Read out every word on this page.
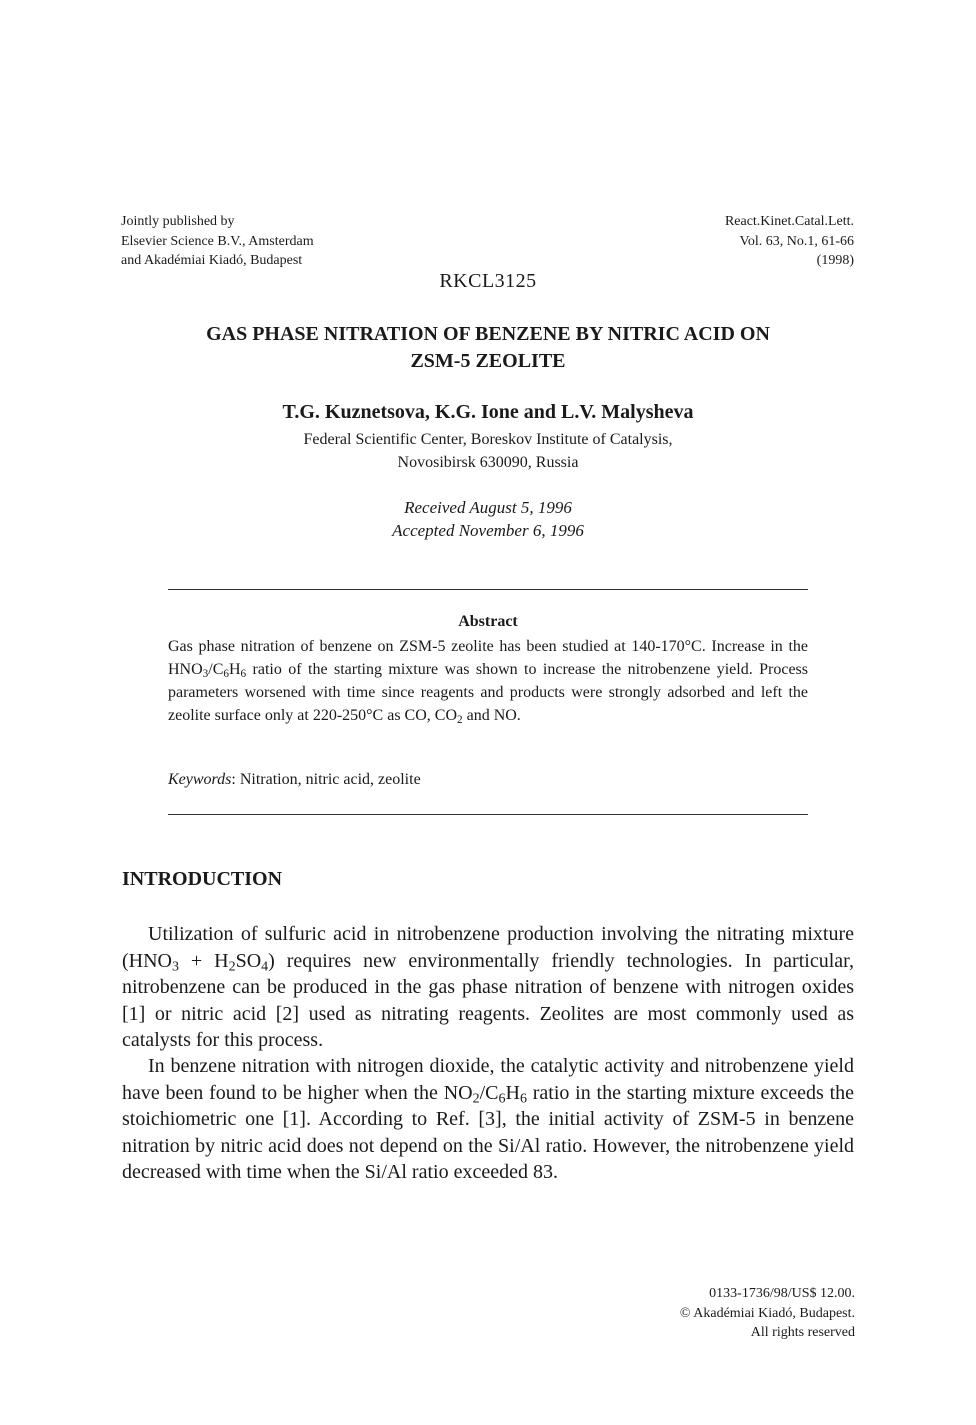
Jointly published by
Elsevier Science B.V., Amsterdam
and Akadémiai Kiadó, Budapest
React.Kinet.Catal.Lett.
Vol. 63, No.1, 61-66
(1998)
RKCL3125
GAS PHASE NITRATION OF BENZENE BY NITRIC ACID ON
ZSM-5 ZEOLITE
T.G. Kuznetsova, K.G. Ione and L.V. Malysheva
Federal Scientific Center, Boreskov Institute of Catalysis,
Novosibirsk 630090, Russia
Received August 5, 1996
Accepted November 6, 1996
Abstract
Gas phase nitration of benzene on ZSM-5 zeolite has been studied at 140-170°C. Increase in the $HNO_3/C_6H_6$ ratio of the starting mixture was shown to increase the nitrobenzene yield. Process parameters worsened with time since reagents and products were strongly adsorbed and left the zeolite surface only at 220-250°C as CO, $CO_2$ and NO.
Keywords: Nitration, nitric acid, zeolite
INTRODUCTION
Utilization of sulfuric acid in nitrobenzene production involving the nitrating mixture $(HNO_3 + H_2SO_4)$ requires new environmentally friendly technologies. In particular, nitrobenzene can be produced in the gas phase nitration of benzene with nitrogen oxides [1] or nitric acid [2] used as nitrating reagents. Zeolites are most commonly used as catalysts for this process.
In benzene nitration with nitrogen dioxide, the catalytic activity and nitrobenzene yield have been found to be higher when the $NO_2/C_6H_6$ ratio in the starting mixture exceeds the stoichiometric one [1]. According to Ref. [3], the initial activity of ZSM-5 in benzene nitration by nitric acid does not depend on the Si/Al ratio. However, the nitrobenzene yield decreased with time when the Si/Al ratio exceeded 83.
0133-1736/98/US$ 12.00.
© Akadémiai Kiadó, Budapest.
All rights reserved
